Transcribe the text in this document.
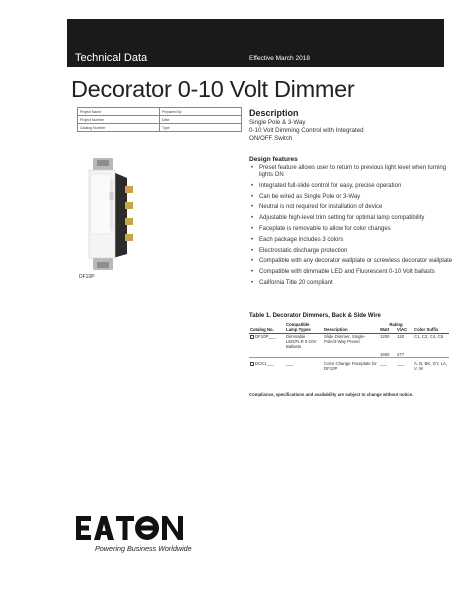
Technical Data	Effective March 2018
Decorator 0-10 Volt Dimmer
Project Name	Prepared By
Project Number	Date
Catalog Number	Type
Description
Single Pole & 3-Way
0-10 Volt Dimming Control with Integrated
ON/OFF Switch
DF10P
Design features
• Preset feature allows user to return to previous light level when turning lights ON
• Integrated full-slide control for easy, precise operation
• Can be wired as Single Pole or 3-Way
• Neutral is not required for installation of device
• Adjustable high-level trim setting for optimal lamp compatibility
• Faceplate is removable to allow for color changes
• Each package includes 3 colors
• Electrostatic discharge protection
• Compatible with any decorator wallplate or screwless decorator wallplate
• Compatible with dimmable LED and Fluorescent 0-10 Volt ballasts
• California Title 20 compliant
Table 1. Decorator Dimmers, Back & Side Wire
	Compatible		Rating		
Catalog No.	Lamp Types	Description	Watt	V/AC	Color Suffix
DF10P___	Dimmable LED/FLR 0-10V Ballasts	Slide Dimmer, Single-Pole/3-Way Preset	1200	120	C1, C2, C4, C5
			1660	277	
DCK1___	___	Color Change Faceplate for DF10P	___	___	A, B, BK, GY, LA, V, W
Compliance, specifications and availability are subject to change without notice.
Powering Business Worldwide
